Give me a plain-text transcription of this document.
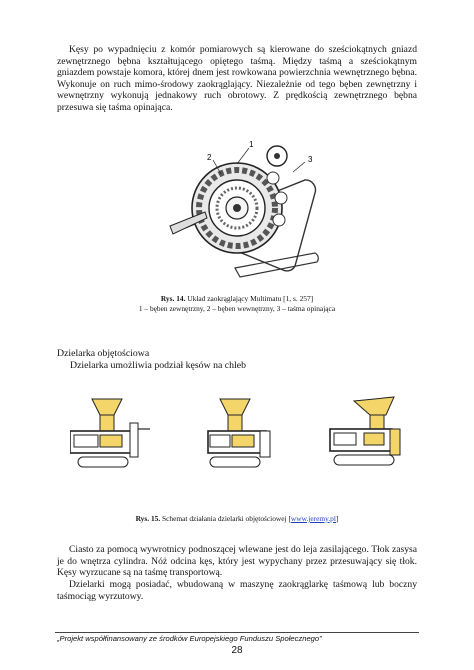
Kęsy po wypadnięciu z komór pomiarowych są kierowane do sześciokątnych gniazd zewnętrznego bębna kształtującego opiętego taśmą. Między taśmą a sześciokątnym gniazdem powstaje komora, której dnem jest rowkowana powierzchnia wewnętrznego bębna. Wykonuje on ruch mimo-środowy zaokrąglający. Niezależnie od tego bęben zewnętrzny i wewnętrzny wykonują jednakowy ruch obrotowy. Z prędkością zewnętrznego bębna przesuwa się taśma opinająca.

1
2	3
Rys. 14. Układ zaokrąglający Multimatu [1, s. 257]
1 – bęben zewnętrzny, 2 – bęben wewnętrzny, 3 – taśma opinająca
Dzielarka objętościowa
Dzielarka umożliwia podział kęsów na chleb
Rys. 15. Schemat działania dzielarki objętościowej [www.jeremy.pl]

Ciasto za pomocą wywrotnicy podnoszącej wlewane jest do leja zasilającego. Tłok zasysa je do wnętrza cylindra. Nóż odcina kęs, który jest wypychany przez przesuwający się tłok. Kęsy wyrzucane są na taśmę transportową.

Dzielarki mogą posiadać, wbudowaną w maszynę zaokrąglarkę taśmową lub boczny taśmociąg wyrzutowy.

„Projekt współfinansowany ze środków Europejskiego Funduszu Społecznego”
28
